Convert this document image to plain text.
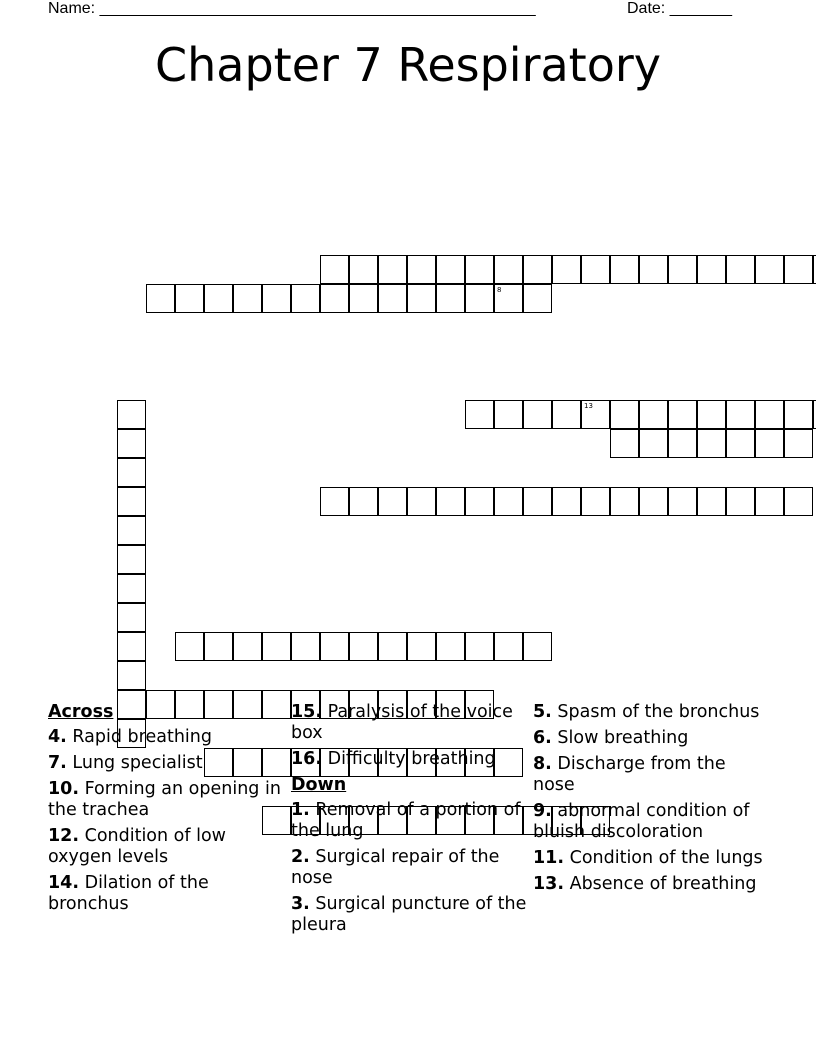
Name: _________________________________________________	Date: _______
Chapter 7 Respiratory
8
13
Across
4. Rapid breathing
7. Lung specialist
10. Forming an opening in the trachea
12. Condition of low oxygen levels
14. Dilation of the bronchus
15. Paralysis of the voice box
16. Difficulty breathing
Down
1. Removal of a portion of the lung
2. Surgical repair of the nose
3. Surgical puncture of the pleura
5. Spasm of the bronchus
6. Slow breathing
8. Discharge from the nose
9. abnormal condition of bluish discoloration
11. Condition of the lungs
13. Absence of breathing
